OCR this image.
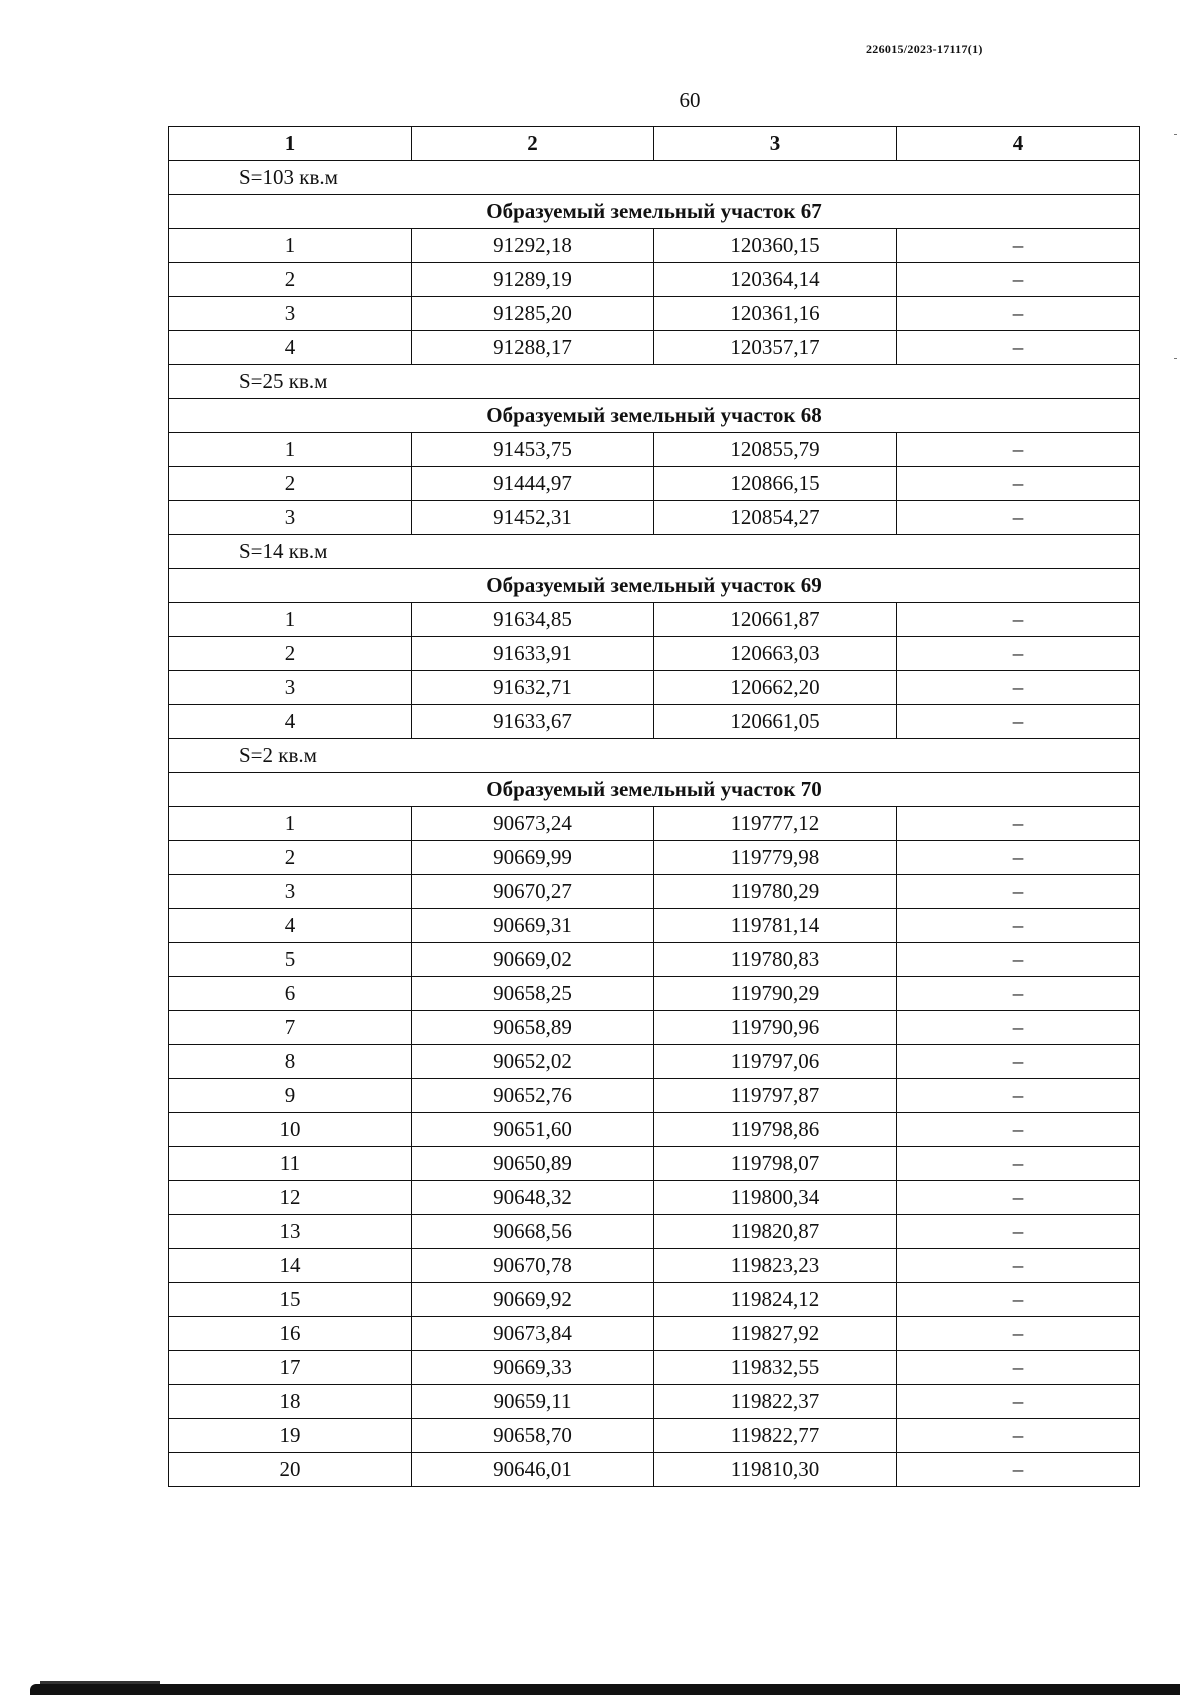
226015/2023-17117(1)
60
1	2	3	4
S=103 кв.м			
Образуемый земельный участок 67			
1	91292,18	120360,15	–
2	91289,19	120364,14	–
3	91285,20	120361,16	–
4	91288,17	120357,17	–
S=25 кв.м			
Образуемый земельный участок 68			
1	91453,75	120855,79	–
2	91444,97	120866,15	–
3	91452,31	120854,27	–
S=14 кв.м			
Образуемый земельный участок 69			
1	91634,85	120661,87	–
2	91633,91	120663,03	–
3	91632,71	120662,20	–
4	91633,67	120661,05	–
S=2 кв.м			
Образуемый земельный участок 70			
1	90673,24	119777,12	–
2	90669,99	119779,98	–
3	90670,27	119780,29	–
4	90669,31	119781,14	–
5	90669,02	119780,83	–
6	90658,25	119790,29	–
7	90658,89	119790,96	–
8	90652,02	119797,06	–
9	90652,76	119797,87	–
10	90651,60	119798,86	–
11	90650,89	119798,07	–
12	90648,32	119800,34	–
13	90668,56	119820,87	–
14	90670,78	119823,23	–
15	90669,92	119824,12	–
16	90673,84	119827,92	–
17	90669,33	119832,55	–
18	90659,11	119822,37	–
19	90658,70	119822,77	–
20	90646,01	119810,30	–
